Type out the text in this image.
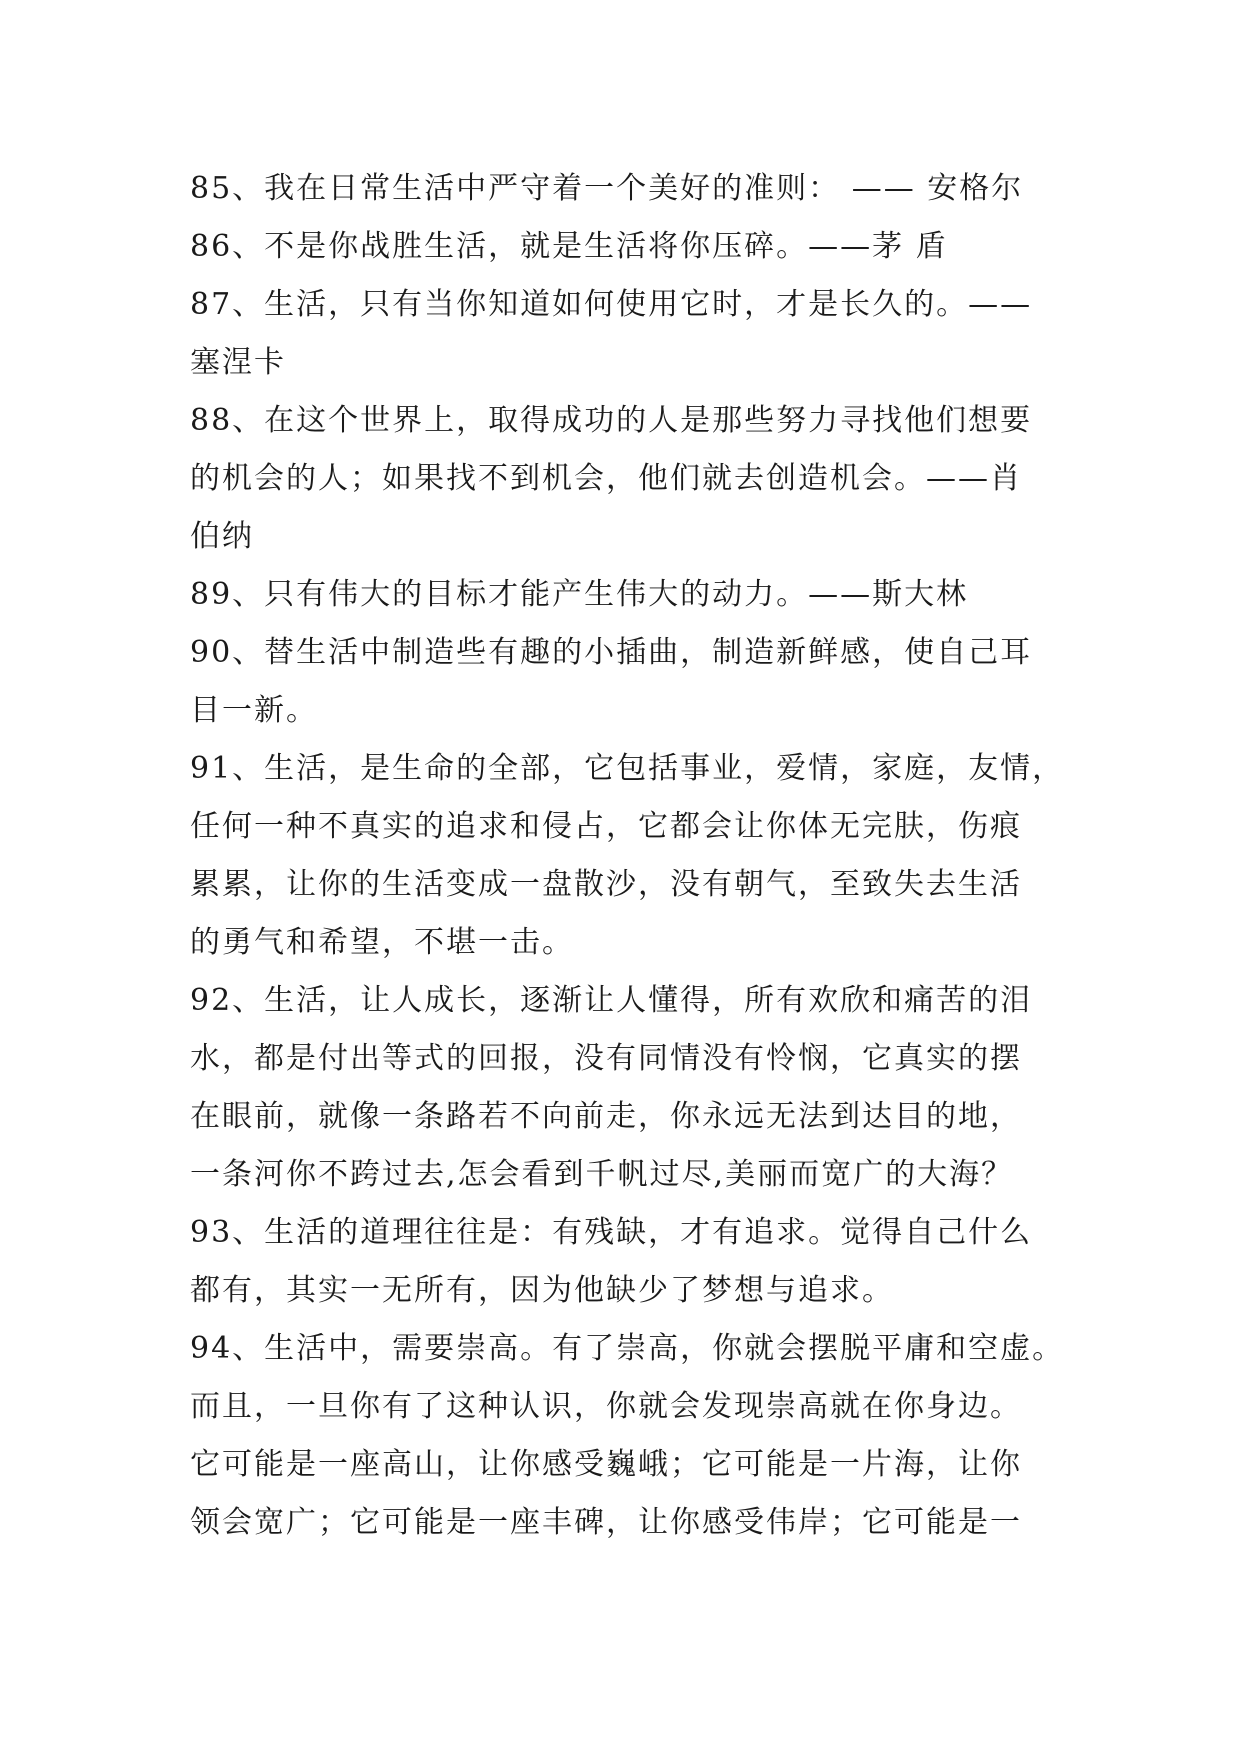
85、我在日常生活中严守着一个美好的准则： —— 安格尔
86、不是你战胜生活，就是生活将你压碎。——茅 盾
87、生活，只有当你知道如何使用它时，才是长久的。——
塞涅卡
88、在这个世界上，取得成功的人是那些努力寻找他们想要
的机会的人；如果找不到机会，他们就去创造机会。——肖
伯纳
89、只有伟大的目标才能产生伟大的动力。——斯大林
90、替生活中制造些有趣的小插曲，制造新鲜感，使自己耳
目一新。
91、生活，是生命的全部，它包括事业，爱情，家庭，友情，
任何一种不真实的追求和侵占，它都会让你体无完肤，伤痕
累累，让你的生活变成一盘散沙，没有朝气，至致失去生活
的勇气和希望，不堪一击。
92、生活，让人成长，逐渐让人懂得，所有欢欣和痛苦的泪
水，都是付出等式的回报，没有同情没有怜悯，它真实的摆
在眼前，就像一条路若不向前走，你永远无法到达目的地，
一条河你不跨过去,怎会看到千帆过尽,美丽而宽广的大海？
93、生活的道理往往是：有残缺，才有追求。觉得自己什么
都有，其实一无所有，因为他缺少了梦想与追求。
94、生活中，需要崇高。有了崇高，你就会摆脱平庸和空虚。
而且，一旦你有了这种认识，你就会发现崇高就在你身边。
它可能是一座高山，让你感受巍峨；它可能是一片海，让你
领会宽广；它可能是一座丰碑，让你感受伟岸；它可能是一
